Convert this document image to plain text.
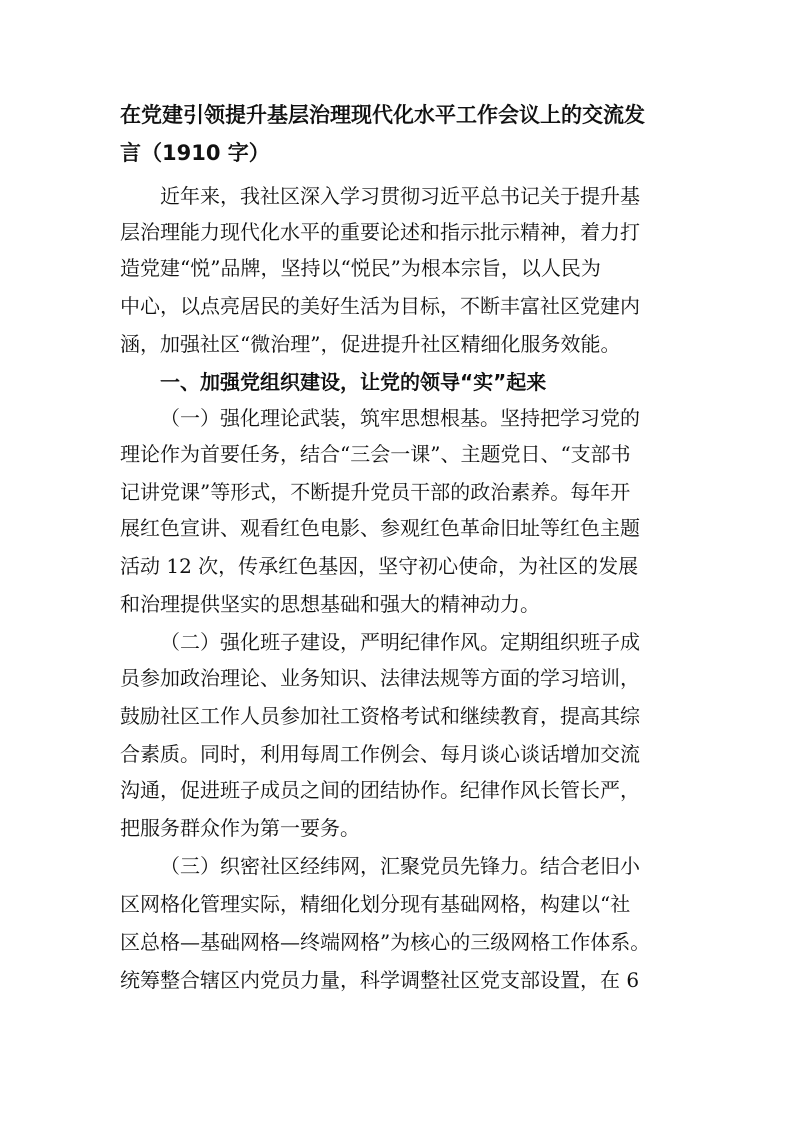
在党建引领提升基层治理现代化水平工作会议上的交流发

言（1910 字）

近年来，我社区深入学习贯彻习近平总书记关于提升基

层治理能力现代化水平的重要论述和指示批示精神，着力打

造党建“悦”品牌，坚持以“悦民”为根本宗旨，以人民为

中心，以点亮居民的美好生活为目标，不断丰富社区党建内

涵，加强社区“微治理”，促进提升社区精细化服务效能。

一、加强党组织建设，让党的领导“实”起来

（一）强化理论武装，筑牢思想根基。坚持把学习党的

理论作为首要任务，结合“三会一课”、主题党日、“支部书

记讲党课”等形式，不断提升党员干部的政治素养。每年开

展红色宣讲、观看红色电影、参观红色革命旧址等红色主题

活动 12 次，传承红色基因，坚守初心使命，为社区的发展

和治理提供坚实的思想基础和强大的精神动力。

（二）强化班子建设，严明纪律作风。定期组织班子成

员参加政治理论、业务知识、法律法规等方面的学习培训，

鼓励社区工作人员参加社工资格考试和继续教育，提高其综

合素质。同时，利用每周工作例会、每月谈心谈话增加交流

沟通，促进班子成员之间的团结协作。纪律作风长管长严，

把服务群众作为第一要务。

（三）织密社区经纬网，汇聚党员先锋力。结合老旧小

区网格化管理实际，精细化划分现有基础网格，构建以“社

区总格—基础网格—终端网格”为核心的三级网格工作体系。

统筹整合辖区内党员力量，科学调整社区党支部设置，在 6
